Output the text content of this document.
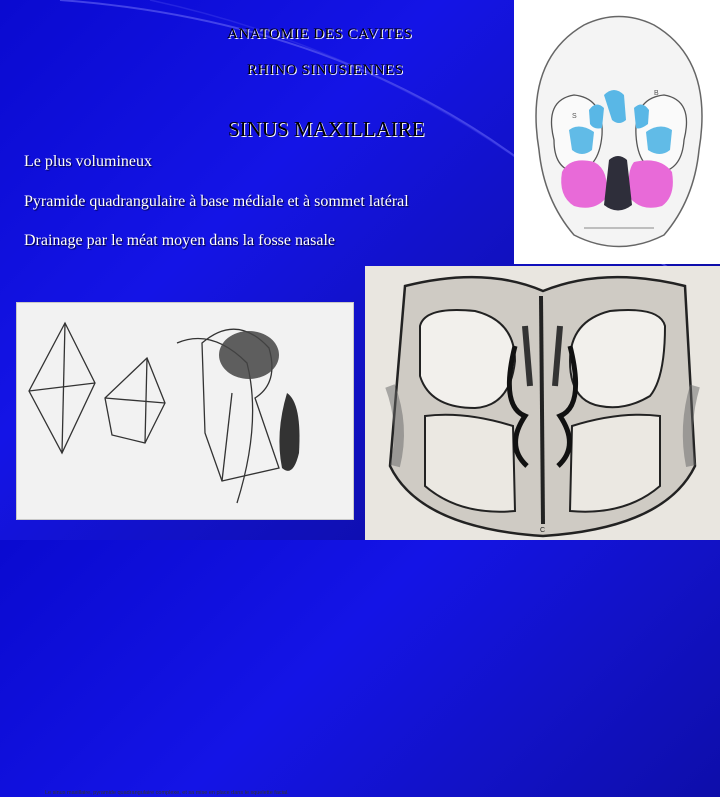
ANATOMIE DES CAVITES
RHINO SINUSIENNES
SINUS MAXILLAIRE
Le plus volumineux
Pyramide quadrangulaire à base médiale et à sommet latéral
Drainage par le méat moyen dans la fosse nasale
B
S
Le sinus maxillaire, pyramide quadrangulaire complexe, et sa mise en place dans le squelette facial.
C
